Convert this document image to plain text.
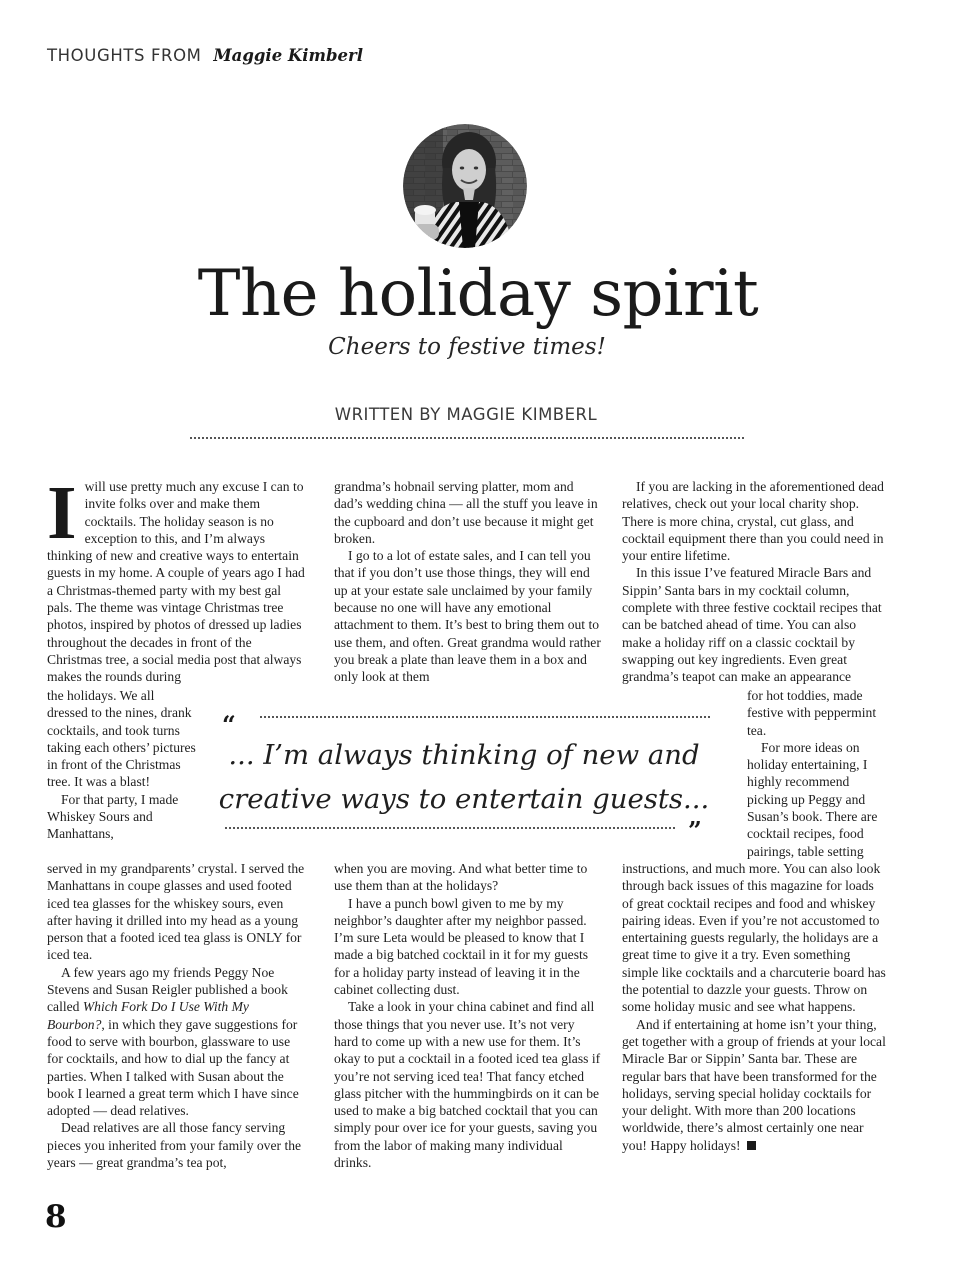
THOUGHTS FROM Maggie Kimberl
The holiday spirit
Cheers to festive times!
WRITTEN BY MAGGIE KIMBERL
I will use pretty much any excuse I can to invite folks over and make them cocktails. The holiday season is no exception to this, and I’m always thinking of new and creative ways to entertain guests in my home. A couple of years ago I had a Christmas-themed party with my best gal pals. The theme was vintage Christmas tree photos, inspired by photos of dressed up ladies throughout the decades in front of the Christmas tree, a social media post that always makes the rounds during

the holidays. We all dressed to the nines, drank cocktails, and took turns taking each others’ pictures in front of the Christmas tree. It was a blast!

For that party, I made Whiskey Sours and Manhattans,

served in my grandparents’ crystal. I served the Manhattans in coupe glasses and used footed iced tea glasses for the whiskey sours, even after having it drilled into my head as a young person that a footed iced tea glass is ONLY for iced tea.

A few years ago my friends Peggy Noe Stevens and Susan Reigler published a book called Which Fork Do I Use With My Bourbon?, in which they gave suggestions for food to serve with bourbon, glassware to use for cocktails, and how to dial up the fancy at parties. When I talked with Susan about the book I learned a great term which I have since adopted — dead relatives.

Dead relatives are all those fancy serving pieces you inherited from your family over the years — great grandma’s tea pot,

grandma’s hobnail serving platter, mom and dad’s wedding china — all the stuff you leave in the cupboard and don’t use because it might get broken.

I go to a lot of estate sales, and I can tell you that if you don’t use those things, they will end up at your estate sale unclaimed by your family because no one will have any emotional attachment to them. It’s best to bring them out to use them, and often. Great grandma would rather you break a plate than leave them in a box and only look at them

when you are moving. And what better time to use them than at the holidays?

I have a punch bowl given to me by my neighbor’s daughter after my neighbor passed. I’m sure Leta would be pleased to know that I made a big batched cocktail in it for my guests for a holiday party instead of leaving it in the cabinet collecting dust.

Take a look in your china cabinet and find all those things that you never use. It’s not very hard to come up with a new use for them. It’s okay to put a cocktail in a footed iced tea glass if you’re not serving iced tea! That fancy etched glass pitcher with the hummingbirds on it can be used to make a big batched cocktail that you can simply pour over ice for your guests, saving you from the labor of making many individual drinks.

If you are lacking in the aforementioned dead relatives, check out your local charity shop. There is more china, crystal, cut glass, and cocktail equipment there than you could need in your entire lifetime.

In this issue I’ve featured Miracle Bars and Sippin’ Santa bars in my cocktail column, complete with three festive cocktail recipes that can be batched ahead of time. You can also make a holiday riff on a classic cocktail by swapping out key ingredients. Even great grandma’s teapot can make an appearance

for hot toddies, made festive with peppermint tea.

For more ideas on holiday entertaining, I highly recommend picking up Peggy and Susan’s book. There are cocktail recipes, food pairings, table setting

instructions, and much more. You can also look through back issues of this magazine for loads of great cocktail recipes and food and whiskey pairing ideas. Even if you’re not accustomed to entertaining guests regularly, the holidays are a great time to give it a try. Even something simple like cocktails and a charcuterie board has the potential to dazzle your guests. Throw on some holiday music and see what happens.

And if entertaining at home isn’t your thing, get together with a group of friends at your local Miracle Bar or Sippin’ Santa bar. These are regular bars that have been transformed for the holidays, serving special holiday cocktails for your delight. With more than 200 locations worldwide, there’s almost certainly one near you! Happy holidays!

“
... I’m always thinking of new and creative ways to entertain guests...
”
8
